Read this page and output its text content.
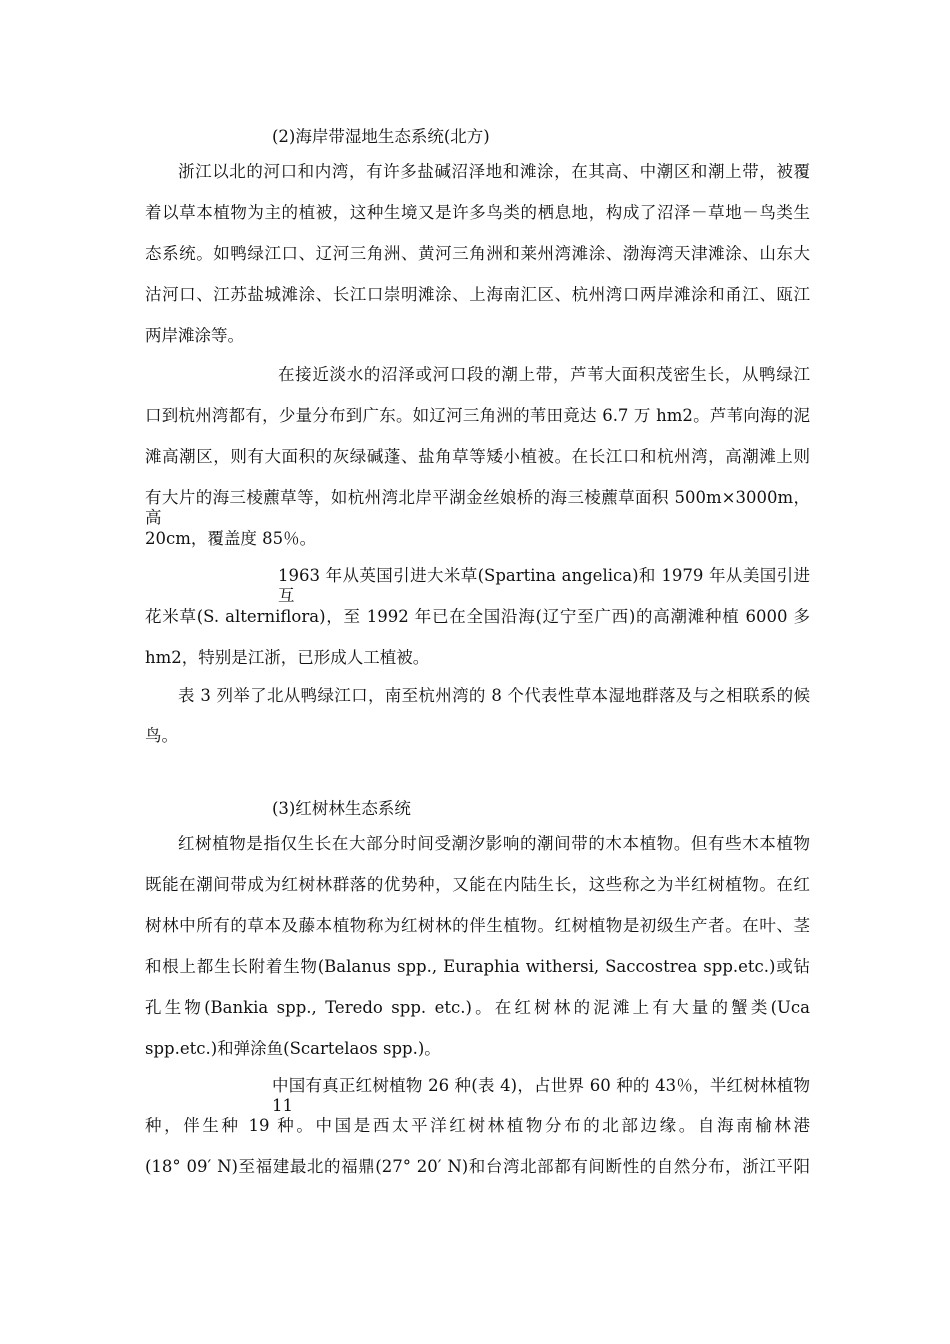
(2)海岸带湿地生态系统(北方)
浙江以北的河口和内湾，有许多盐碱沼泽地和滩涂，在其高、中潮区和潮上带，被覆
着以草本植物为主的植被，这种生境又是许多鸟类的栖息地，构成了沼泽－草地－鸟类生
态系统。如鸭绿江口、辽河三角洲、黄河三角洲和莱州湾滩涂、渤海湾天津滩涂、山东大
沽河口、江苏盐城滩涂、长江口崇明滩涂、上海南汇区、杭州湾口两岸滩涂和甬江、瓯江
两岸滩涂等。
在接近淡水的沼泽或河口段的潮上带，芦苇大面积茂密生长，从鸭绿江
口到杭州湾都有，少量分布到广东。如辽河三角洲的苇田竟达 6.7 万 hm2。芦苇向海的泥
滩高潮区，则有大面积的灰绿碱蓬、盐角草等矮小植被。在长江口和杭州湾，高潮滩上则
有大片的海三棱藨草等，如杭州湾北岸平湖金丝娘桥的海三棱藨草面积 500m×3000m，高
20cm，覆盖度 85％。
1963 年从英国引进大米草(Spartina angelica)和 1979 年从美国引进互
花米草(S. alterniflora)，至 1992 年已在全国沿海(辽宁至广西)的高潮滩种植 6000 多
hm2，特别是江浙，已形成人工植被。
表 3 列举了北从鸭绿江口，南至杭州湾的 8 个代表性草本湿地群落及与之相联系的候
鸟。
(3)红树林生态系统
红树植物是指仅生长在大部分时间受潮汐影响的潮间带的木本植物。但有些木本植物
既能在潮间带成为红树林群落的优势种，又能在内陆生长，这些称之为半红树植物。在红
树林中所有的草本及藤本植物称为红树林的伴生植物。红树植物是初级生产者。在叶、茎
和根上都生长附着生物(Balanus spp., Euraphia withersi, Saccostrea spp.etc.)或钻
孔生物(Bankia spp., Teredo spp. etc.)。在红树林的泥滩上有大量的蟹类(Uca
spp.etc.)和弹涂鱼(Scartelaos spp.)。
中国有真正红树植物 26 种(表 4)，占世界 60 种的 43％，半红树林植物 11
种，伴生种 19 种。中国是西太平洋红树林植物分布的北部边缘。自海南榆林港
(18° 09′ N)至福建最北的福鼎(27° 20′ N)和台湾北部都有间断性的自然分布，浙江平阳
